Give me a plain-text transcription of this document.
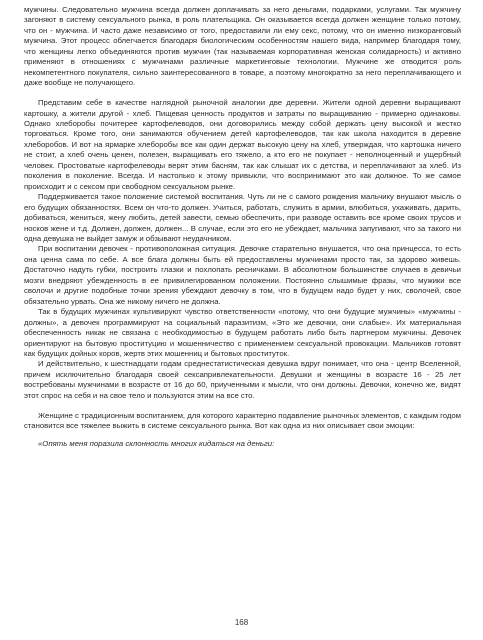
мужчины. Следовательно мужчина всегда должен доплачивать за него деньгами, подарками, услугами. Так мужчину загоняют в систему сексуального рынка, в роль плательщика. Он оказывается всегда должен женщине только потому, что он - мужчина. И часто даже независимо от того, предоставили ли ему секс, потому, что он именно низкоранговый мужчина. Этот процесс облегчается благодаря биологическим особенностям нашего вида, например благодаря тому, что женщины легко объединяются против мужчин (так называемая корпоративная женская солидарность) и активно применяют в отношениях с мужчинами различные маркетинговые технологии. Мужчине же отводится роль некомпетентного покупателя, сильно заинтересованного в товаре, а поэтому многократно за него переплачивающего и даже вообще не получающего.

Представим себе в качестве наглядной рыночной аналогии две деревни. Жители одной деревни выращивают картошку, а жители другой - хлеб. Пищевая ценность продуктов и затраты по выращиванию - примерно одинаковы. Однако хлеборобы почитерее картофелеводов, они договорились между собой держать цену высокой и жестко торговаться. Кроме того, они занимаются обучением детей картофелеводов, так как школа находится в деревне хлеборобов. И вот на ярмарке хлеборобы все как один держат высокую цену на хлеб, утверждая, что картошка ничего не стоит, а хлеб очень ценен, полезен, выращивать его тяжело, а кто его не покупает - неполноценный и ущербный человек. Простоватые картофелеводы верят этим басням, так как слышат их с детства, и переплачивают за хлеб. Из поколения в поколение. Всегда. И настолько к этому привыкли, что воспринимают это как должное. То же самое происходит и с сексом при свободном сексуальном рынке.

Поддерживается такое положение системой воспитания. Чуть ли не с самого рождения мальчику внушают мысль о его будущих обязанностях. Всем он что-то должен. Учиться, работать, служить в армии, влюбиться, ухаживать, дарить, добиваться, жениться, жену любить, детей завести, семью обеспечить, при разводе оставить все кроме своих трусов и носков жене и т.д. Должен, должен, должен... В случае, если это его не убеждает, мальчика запугивают, что за такого ни одна девушка не выйдет замуж и обзывают неудачником.

При воспитании девочек - противоположная ситуация. Девочке старательно внушается, что она принцесса, то есть она ценна сама по себе. А все блага должны быть ей предоставлены мужчинами просто так, за здорово живешь. Достаточно надуть губки, построить глазки и похлопать ресничками. В абсолютном большинстве случаев в девичьи мозги внедряют убежденность в ее привилегированном положении. Постоянно слышимые фразы, что мужики все сволочи и другие подобные точки зрения убеждают девочку в том, что в будущем надо будет у них, сволочей, свое обязательно урвать. Она же никому ничего не должна.

Так в будущих мужчинах культивируют чувство ответственности «потому, что они будущие мужчины» «мужчины - должны», а девочек программируют на социальный паразитизм, «Это же девочки, они слабые». Их материальная обеспеченность никак не связана с необходимостью в будущем работать либо быть партнером мужчины. Девочек ориентируют на бытовую проституцию и мошенничество с применением сексуальной провокации. Мальчиков готовят как будущих дойных коров, жертв этих мошенниц и бытовых проституток.

И действительно, к шестнадцати годам среднестатистическая девушка вдруг понимает, что она - центр Вселенной, причем исключительно благодаря своей сексапривлекательности. Девушки и женщины в возрасте 16 - 25 лет востребованы мужчинами в возрасте от 16 до 60, приученными к мысли, что они должны. Девочки, конечно же, видят этот спрос на себя и на свое тело и пользуются этим на все сто.

Женщине с традиционным воспитанием, для которого характерно подавление рыночных элементов, с каждым годом становится все тяжелее выжить в системе сексуального рынка. Вот как одна из них описывает свои эмоции:

«Опять меня поразила склонность многих кидаться на деньги:

168
